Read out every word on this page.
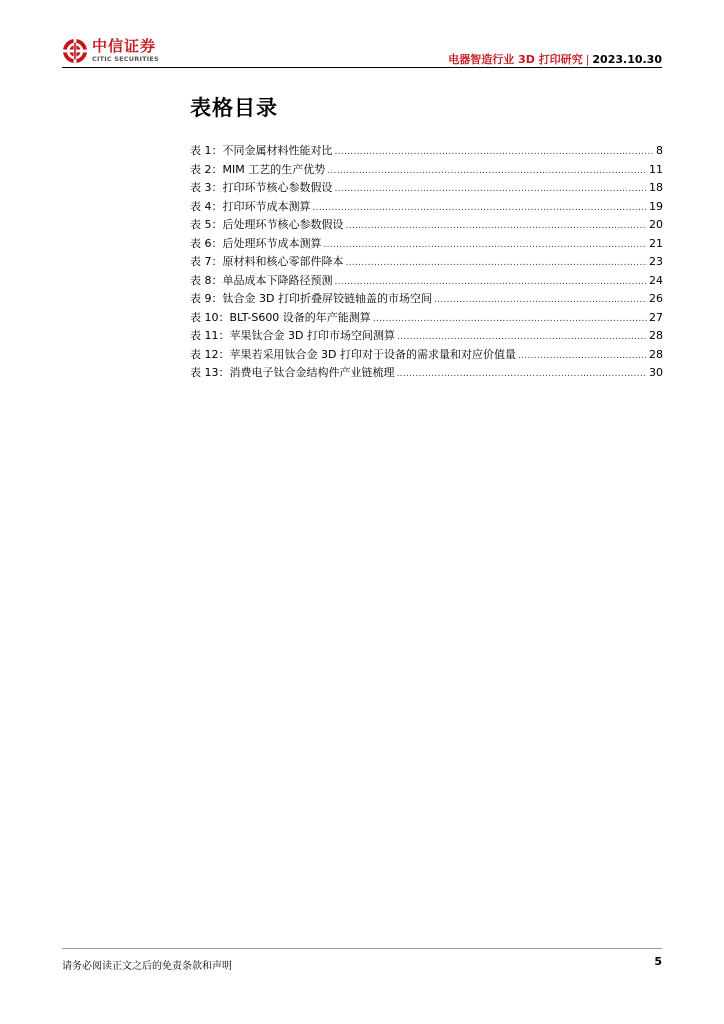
中信证券
CITIC SECURITIES	电器智造行业 3D 打印研究 | 2023.10.30
表格目录
表 1：不同金属材料性能对比 .....	8
表 2：MIM 工艺的生产优势 .....	11
表 3：打印环节核心参数假设 .....	18
表 4：打印环节成本测算 .....	19
表 5：后处理环节核心参数假设 .....	20
表 6：后处理环节成本测算 .....	21
表 7：原材料和核心零部件降本 .....	23
表 8：单品成本下降路径预测 .....	24
表 9：钛合金 3D 打印折叠屏铰链轴盖的市场空间 .....	26
表 10：BLT-S600 设备的年产能测算 .....	27
表 11：苹果钛合金 3D 打印市场空间测算 .....	28
表 12：苹果若采用钛合金 3D 打印对于设备的需求量和对应价值量 .....	28
表 13：消费电子钛合金结构件产业链梳理 .....	30
请务必阅读正文之后的免责条款和声明	5
